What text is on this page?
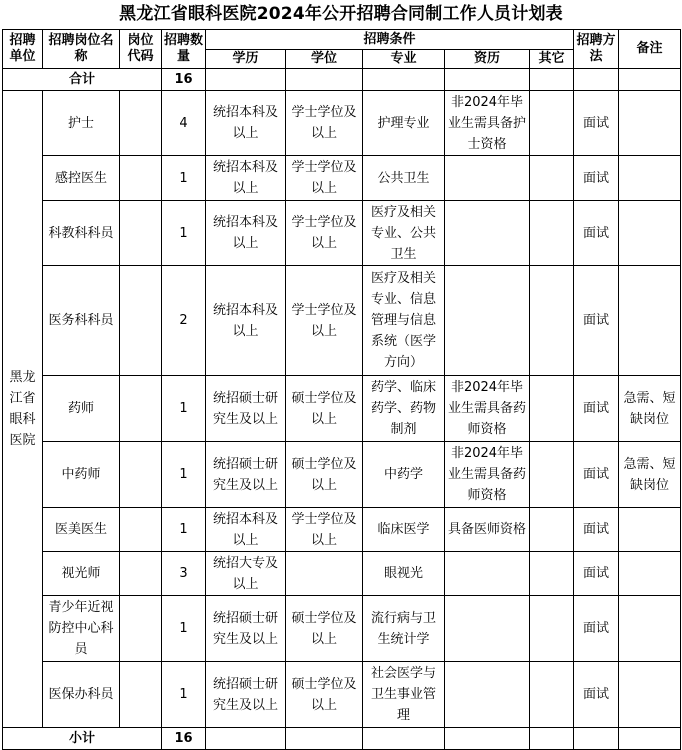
黑龙江省眼科医院2024年公开招聘合同制工作人员计划表
招聘单位	招聘岗位名称	岗位代码	招聘数量	招聘条件					招聘方法	备注
				学历	学位	专业	资历	其它		
合计			16							
黑龙江省眼科医院	护士		4	统招本科及以上	学士学位及以上	护理专业	非2024年毕业生需具备护士资格		面试	
	感控医生		1	统招本科及以上	学士学位及以上	公共卫生			面试	
	科教科科员		1	统招本科及以上	学士学位及以上	医疗及相关专业、公共卫生			面试	
	医务科科员		2	统招本科及以上	学士学位及以上	医疗及相关专业、信息管理与信息系统（医学方向）			面试	
	药师		1	统招硕士研究生及以上	硕士学位及以上	药学、临床药学、药物制剂	非2024年毕业生需具备药师资格		面试	急需、短缺岗位
	中药师		1	统招硕士研究生及以上	硕士学位及以上	中药学	非2024年毕业生需具备药师资格		面试	急需、短缺岗位
	医美医生		1	统招本科及以上	学士学位及以上	临床医学	具备医师资格		面试	
	视光师		3	统招大专及以上		眼视光			面试	
	青少年近视防控中心科员		1	统招硕士研究生及以上	硕士学位及以上	流行病与卫生统计学			面试	
	医保办科员		1	统招硕士研究生及以上	硕士学位及以上	社会医学与卫生事业管理			面试	
小计			16							
